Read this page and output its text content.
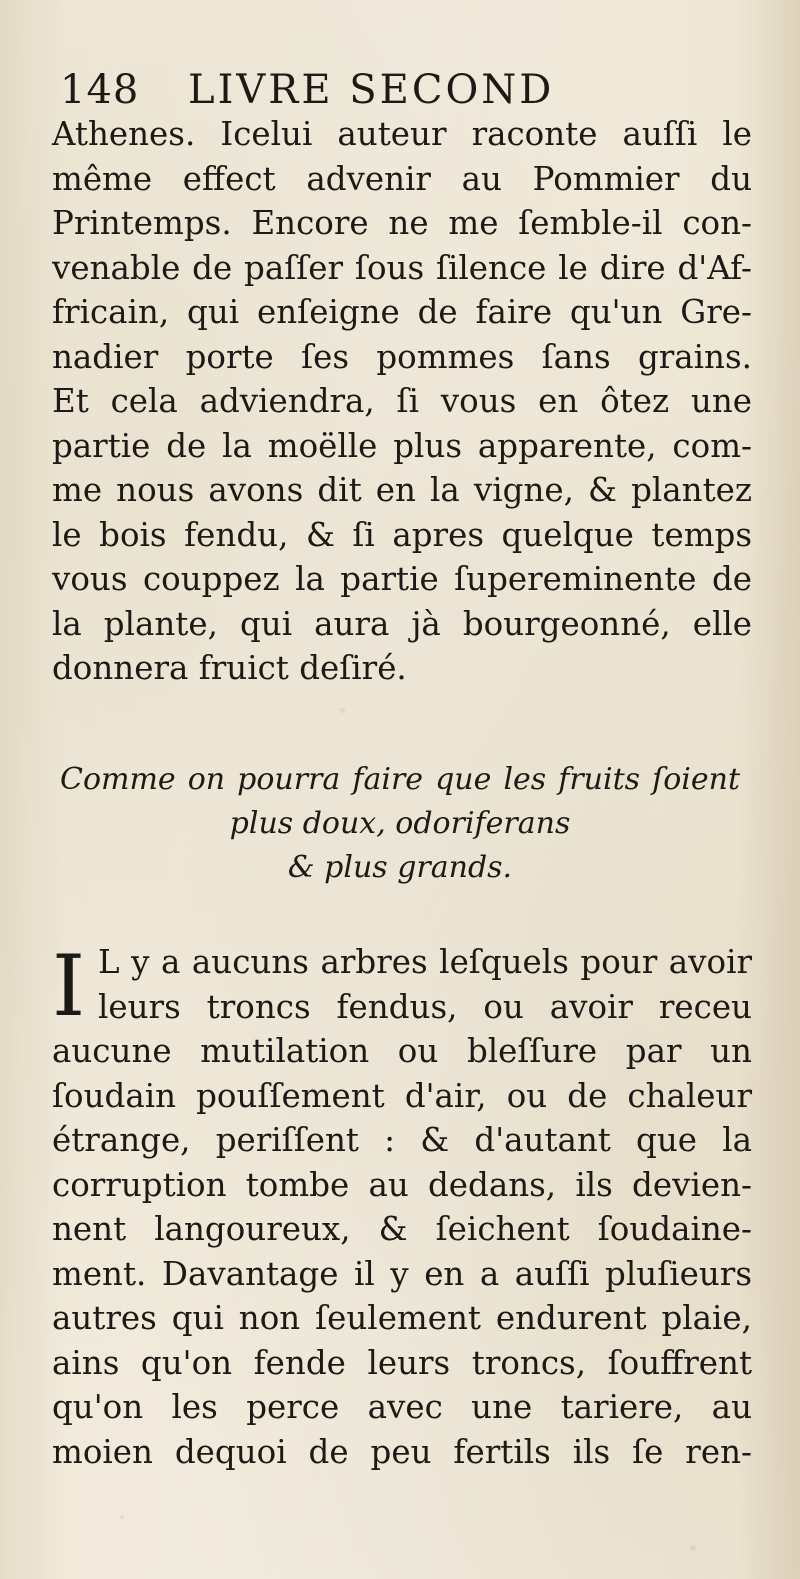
148 LIVRE SECOND
Athenes. Icelui auteur raconte auſſi le
même effect advenir au Pommier du
Printemps. Encore ne me ſemble-il con-
venable de paſſer ſous ſilence le dire d'Af-
fricain, qui enſeigne de faire qu'un Gre-
nadier porte ſes pommes ſans grains.
Et cela adviendra, ſi vous en ôtez une
partie de la moëlle plus apparente, com-
me nous avons dit en la vigne, & plantez
le bois fendu, & ſi apres quelque temps
vous couppez la partie ſupereminente de
la plante, qui aura jà bourgeonné, elle
donnera fruict deſiré.
Comme on pourra faire que les fruits ſoient
plus doux, odoriferans
& plus grands.
I L y a aucuns arbres leſquels pour avoir
leurs troncs fendus, ou avoir receu
aucune mutilation ou bleſſure par un
ſoudain pouſſement d'air, ou de chaleur
étrange, periſſent : & d'autant que la
corruption tombe au dedans, ils devien-
nent langoureux, & ſeichent ſoudaine-
ment. Davantage il y en a auſſi pluſieurs
autres qui non ſeulement endurent plaie,
ains qu'on fende leurs troncs, ſouffrent
qu'on les perce avec une tariere, au
moien dequoi de peu fertils ils ſe ren-
